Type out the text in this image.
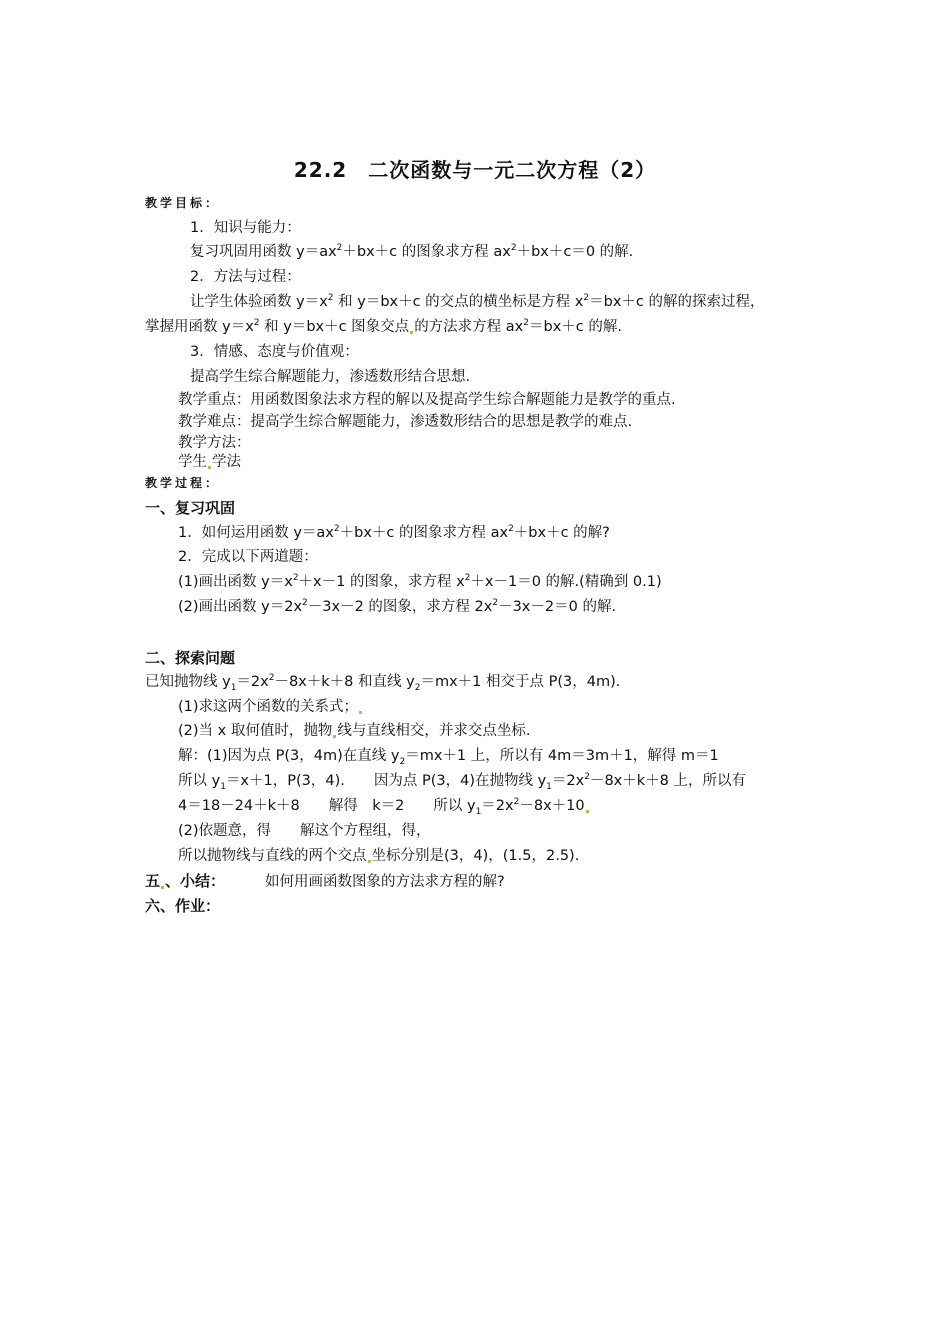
22.2　二次函数与一元二次方程（2）
教学目标：
1．知识与能力：
复习巩固用函数 $y=ax^2+bx+c$ 的图象求方程 $ax^2+bx+c=0$ 的解.
2．方法与过程：
让学生体验函数 $y=x^2$ 和 y＝bx＋c 的交点的横坐标是方程 $x^2=bx+c$ 的解的探索过程，
掌握用函数 $y=x^2$ 和 y＝bx＋c 图象交点 的方法求方程 $ax^2=bx+c$ 的解.
3．情感、态度与价值观：
提高学生综合解题能力，渗透数形结合思想.
教学重点：用函数图象法求方程的解以及提高学生综合解题能力是教学的重点.
教学难点：提高学生综合解题能力，渗透数形结合的思想是教学的难点.
教学方法：
学生 学法
教学过程：
一、复习巩固
1．如何运用函数 $y=ax^2+bx+c$ 的图象求方程 $ax^2+bx+c$ 的解?
2．完成以下两道题：
(1)画出函数 $y=x^2+x-1$ 的图象，求方程 $x^2+x-1=0$ 的解.(精确到 0.1)
(2)画出函数 $y=2x^2-3x-2$ 的图象，求方程 $2x^2-3x-2=0$ 的解.
二、探索问题
已知抛物线 $y_1=2x^2-8x+k+8$ 和直线 $y_2=mx+1$ 相交于点 P(3，4m).
(1)求这两个函数的关系式；
(2)当 x 取何值时，抛物 线与直线相交，并求交点坐标.
解：(1)因为点 P(3，4m)在直线 $y_2=mx+1$ 上，所以有 4m＝3m＋1，解得 m＝1
所以 $y_1=x+1$，P(3，4).　　因为点 P(3，4)在抛物线 $y_1=2x^2-8x+k+8$ 上，所以有
4＝18－24＋k＋8　　解得　k＝2　　所以 $y_1=2x^2-8x+10$
(2)依题意，得　　解这个方程组，得，
所以抛物线与直线的两个交点 坐标分别是(3，4)，(1.5，2.5).
五 、小结：	如何用画函数图象的方法求方程的解?
六、作业：
